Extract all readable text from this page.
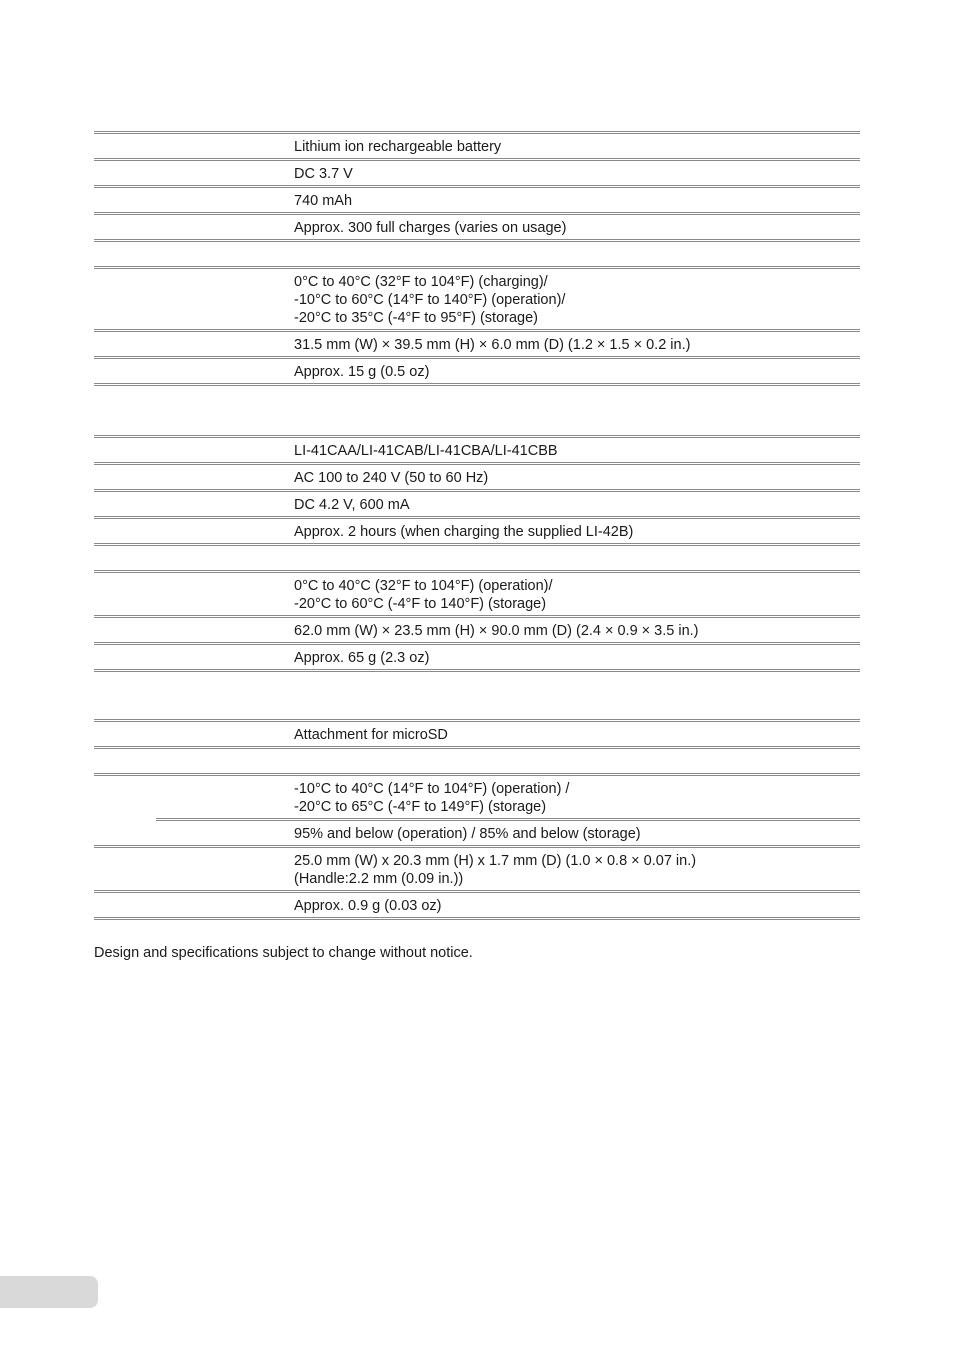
Lithium ion rechargeable battery
DC 3.7 V
740 mAh
Approx. 300 full charges (varies on usage)
0°C to 40°C (32°F to 104°F) (charging)/
-10°C to 60°C (14°F to 140°F) (operation)/
-20°C to 35°C (-4°F to 95°F) (storage)
31.5 mm (W) × 39.5 mm (H) × 6.0 mm (D) (1.2 × 1.5 × 0.2 in.)
Approx. 15 g (0.5 oz)
LI-41CAA/LI-41CAB/LI-41CBA/LI-41CBB
AC 100 to 240 V (50 to 60 Hz)
DC 4.2 V, 600 mA
Approx. 2 hours (when charging the supplied LI-42B)
0°C to 40°C (32°F to 104°F) (operation)/
-20°C to 60°C (-4°F to 140°F) (storage)
62.0 mm (W) × 23.5 mm (H) × 90.0 mm (D) (2.4 × 0.9 × 3.5 in.)
Approx. 65 g (2.3 oz)
Attachment for microSD
-10°C to 40°C (14°F to 104°F) (operation) /
-20°C to 65°C (-4°F to 149°F) (storage)
95% and below (operation) / 85% and below (storage)
25.0 mm (W) x 20.3 mm (H) x 1.7 mm (D) (1.0 × 0.8 × 0.07 in.)
(Handle:2.2 mm (0.09 in.))
Approx. 0.9 g (0.03 oz)
Design and specifications subject to change without notice.
